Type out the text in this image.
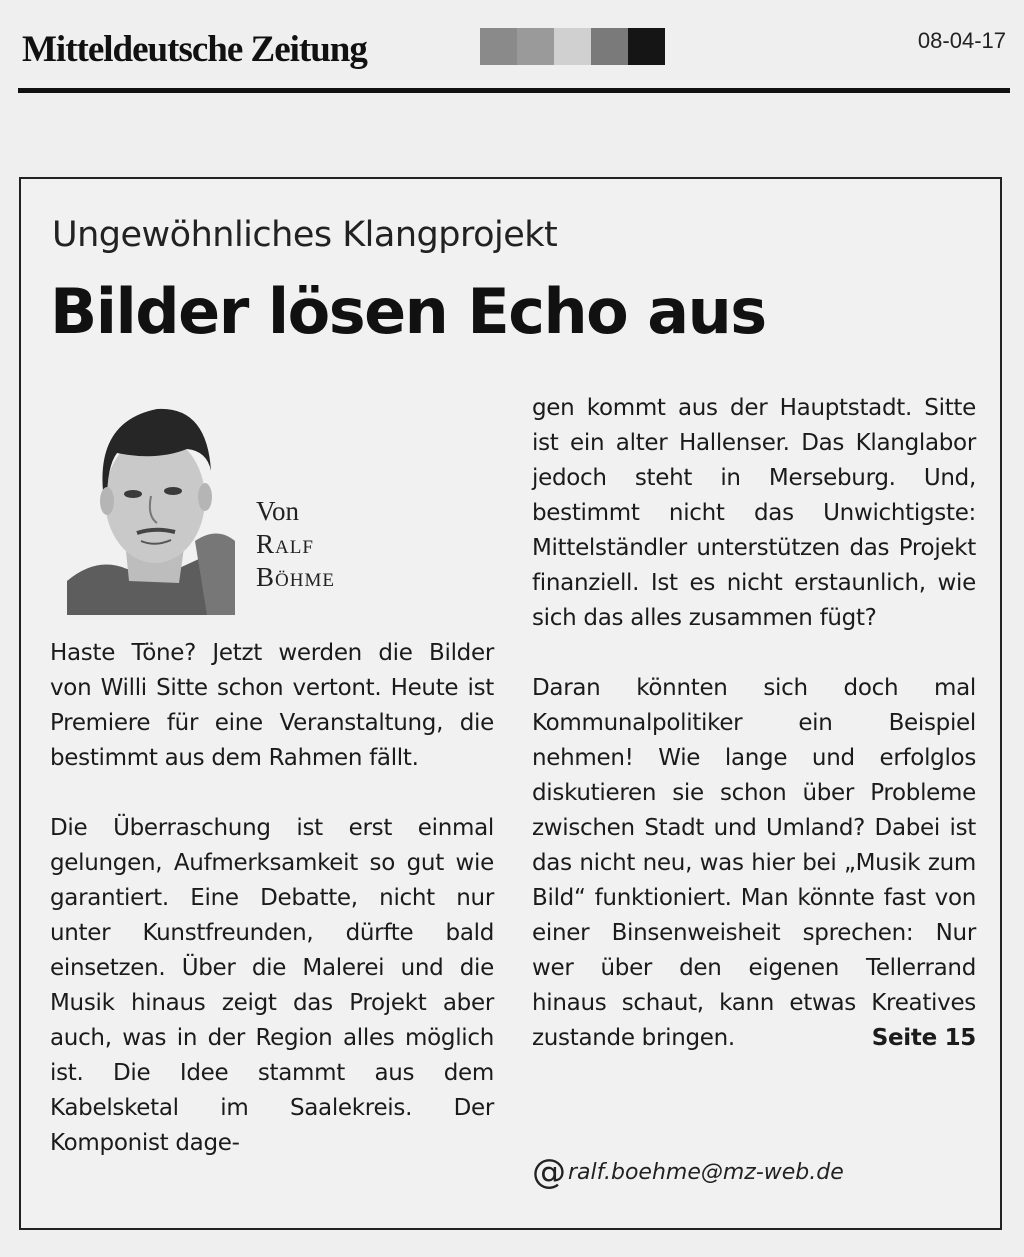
Mitteldeutsche Zeitung	08-04-17
Ungewöhnliches Klangprojekt
Bilder lösen Echo aus
Von
Ralf
Böhme

Haste Töne? Jetzt werden die Bilder von Willi Sitte schon vertont. Heute ist Premiere für eine Veranstaltung, die bestimmt aus dem Rahmen fällt.

Die Überraschung ist erst einmal gelungen, Aufmerksamkeit so gut wie garantiert. Eine Debatte, nicht nur unter Kunstfreunden, dürfte bald einsetzen. Über die Malerei und die Musik hinaus zeigt das Projekt aber auch, was in der Region alles möglich ist. Die Idee stammt aus dem Kabelsketal im Saalekreis. Der Komponist dage-

gen kommt aus der Hauptstadt. Sitte ist ein alter Hallenser. Das Klanglabor jedoch steht in Merseburg. Und, bestimmt nicht das Unwichtigste: Mittelständler unterstützen das Projekt finanziell. Ist es nicht erstaunlich, wie sich das alles zusammen fügt?

Daran könnten sich doch mal Kommunalpolitiker ein Beispiel nehmen! Wie lange und erfolglos diskutieren sie schon über Probleme zwischen Stadt und Umland? Dabei ist das nicht neu, was hier bei „Musik zum Bild“ funktioniert. Man könnte fast von einer Binsenweisheit sprechen: Nur wer über den eigenen Tellerrand hinaus schaut, kann etwas Kreatives zustande bringen.	Seite 15

@ ralf.boehme@mz-web.de
